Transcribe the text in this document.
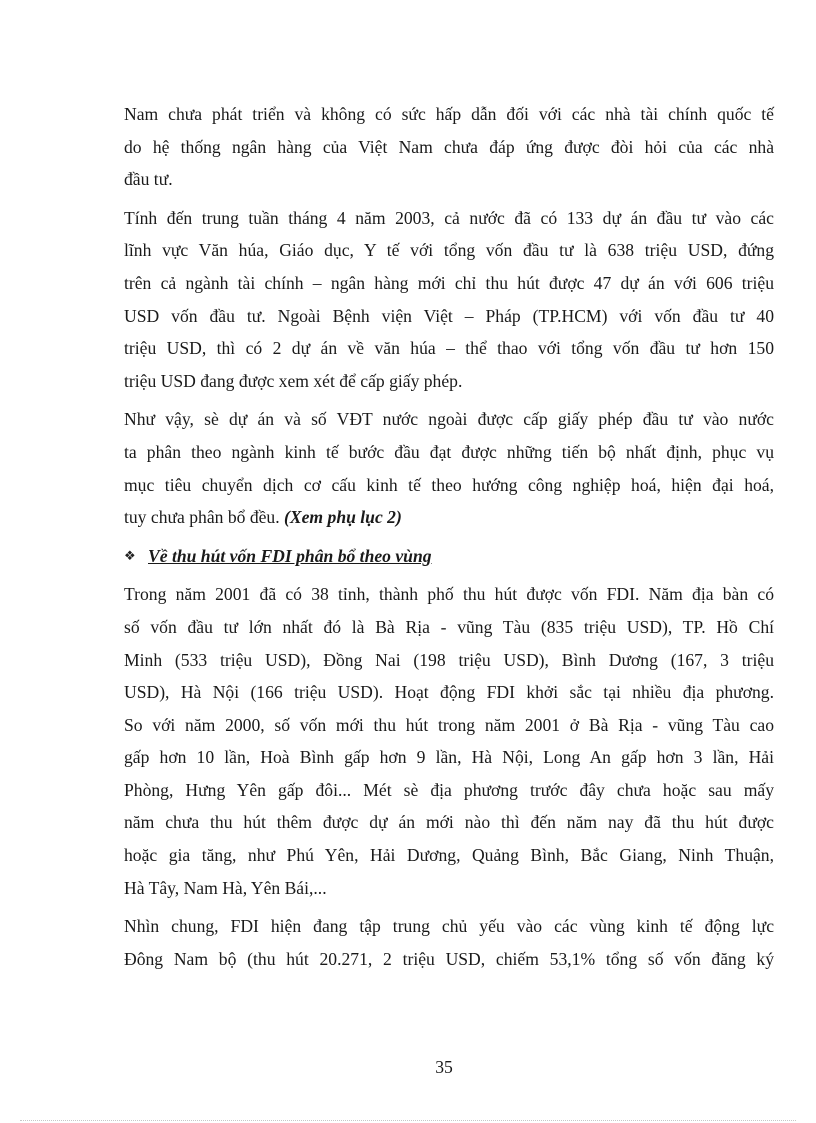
Nam chưa phát triển và không có sức hấp dẫn đối với các nhà tài chính quốc tế
do hệ thống ngân hàng của Việt Nam chưa đáp ứng được đòi hỏi của các nhà
đầu tư.

Tính đến trung tuần tháng 4 năm 2003, cả nước đã có 133 dự án đầu tư vào các
lĩnh vực Văn húa, Giáo dục, Y tế với tổng vốn đầu tư là 638 triệu USD, đứng
trên cả ngành tài chính – ngân hàng mới chỉ thu hút được 47 dự án với 606 triệu
USD vốn đầu tư. Ngoài Bệnh viện Việt – Pháp (TP.HCM) với vốn đầu tư 40
triệu USD, thì có 2 dự án về văn húa – thể thao với tổng vốn đầu tư hơn 150
triệu USD đang được xem xét để cấp giấy phép.

Như vậy, sè dự án và số VĐT nước ngoài được cấp giấy phép đầu tư vào nước
ta phân theo ngành kinh tế bước đầu đạt được những tiến bộ nhất định, phục vụ
mục tiêu chuyển dịch cơ cấu kinh tế theo hướng công nghiệp hoá, hiện đại hoá,
tuy chưa phân bổ đều. (Xem phụ lục 2)

❖ Về thu hút vốn FDI phân bổ theo vùng

Trong năm 2001 đã có 38 tỉnh, thành phố thu hút được vốn FDI. Năm địa bàn có
số vốn đầu tư lớn nhất đó là Bà Rịa - vũng Tàu (835 triệu USD), TP. Hồ Chí
Minh (533 triệu USD), Đồng Nai (198 triệu USD), Bình Dương (167, 3 triệu
USD), Hà Nội (166 triệu USD). Hoạt động FDI khởi sắc tại nhiều địa phương.
So với năm 2000, số vốn mới thu hút trong năm 2001 ở Bà Rịa - vũng Tàu cao
gấp hơn 10 lần, Hoà Bình gấp hơn 9 lần, Hà Nội, Long An gấp hơn 3 lần, Hải
Phòng, Hưng Yên gấp đôi... Mét sè địa phương trước đây chưa hoặc sau mấy
năm chưa thu hút thêm được dự án mới nào thì đến năm nay đã thu hút được
hoặc gia tăng, như Phú Yên, Hải Dương, Quảng Bình, Bắc Giang, Ninh Thuận,
Hà Tây, Nam Hà, Yên Bái,...

Nhìn chung, FDI hiện đang tập trung chủ yếu vào các vùng kinh tế động lực
Đông Nam bộ (thu hút 20.271, 2 triệu USD, chiếm 53,1% tổng số vốn đăng ký

35
